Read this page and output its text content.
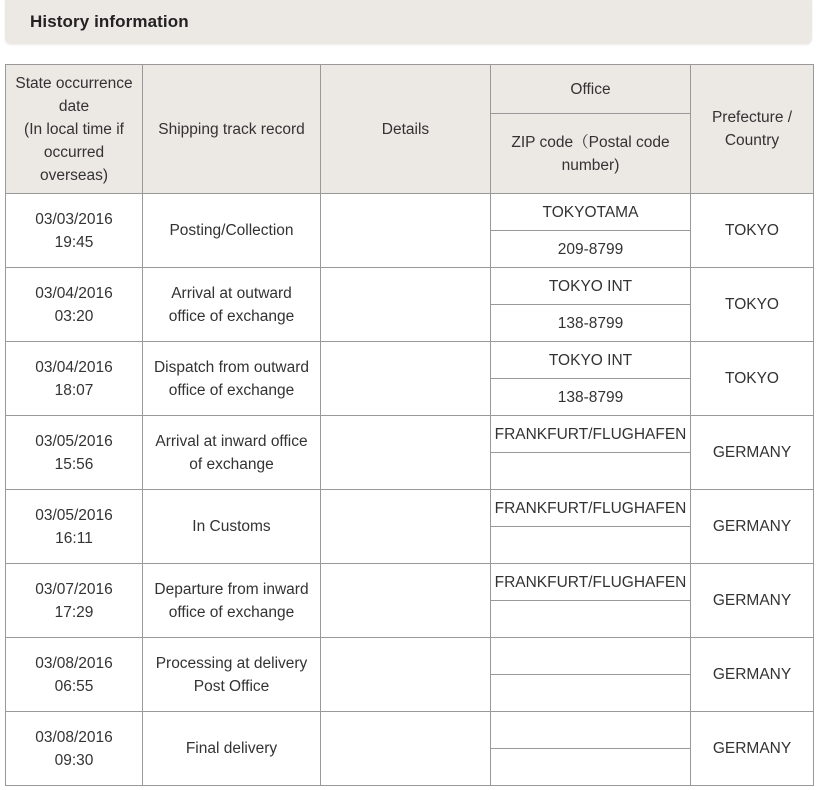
History information
State occurrence
date
(In local time if
occurred
overseas)	Shipping track record	Details	Office	Prefecture /
Country

			ZIP code（Postal code
number)	

03/03/2016
19:45	Posting/Collection		TOKYOTAMA	TOKYO
			209-8799	

03/04/2016
03:20	Arrival at outward
office of exchange		TOKYO INT	TOKYO
			138-8799	

03/04/2016
18:07	Dispatch from outward
office of exchange		TOKYO INT	TOKYO
			138-8799	

03/05/2016
15:56	Arrival at inward office
of exchange		FRANKFURT/FLUGHAFEN	GERMANY

03/05/2016
16:11	In Customs		FRANKFURT/FLUGHAFEN	GERMANY

03/07/2016
17:29	Departure from inward
office of exchange		FRANKFURT/FLUGHAFEN	GERMANY

03/08/2016
06:55	Processing at delivery
Post Office			GERMANY

03/08/2016
09:30	Final delivery			GERMANY
